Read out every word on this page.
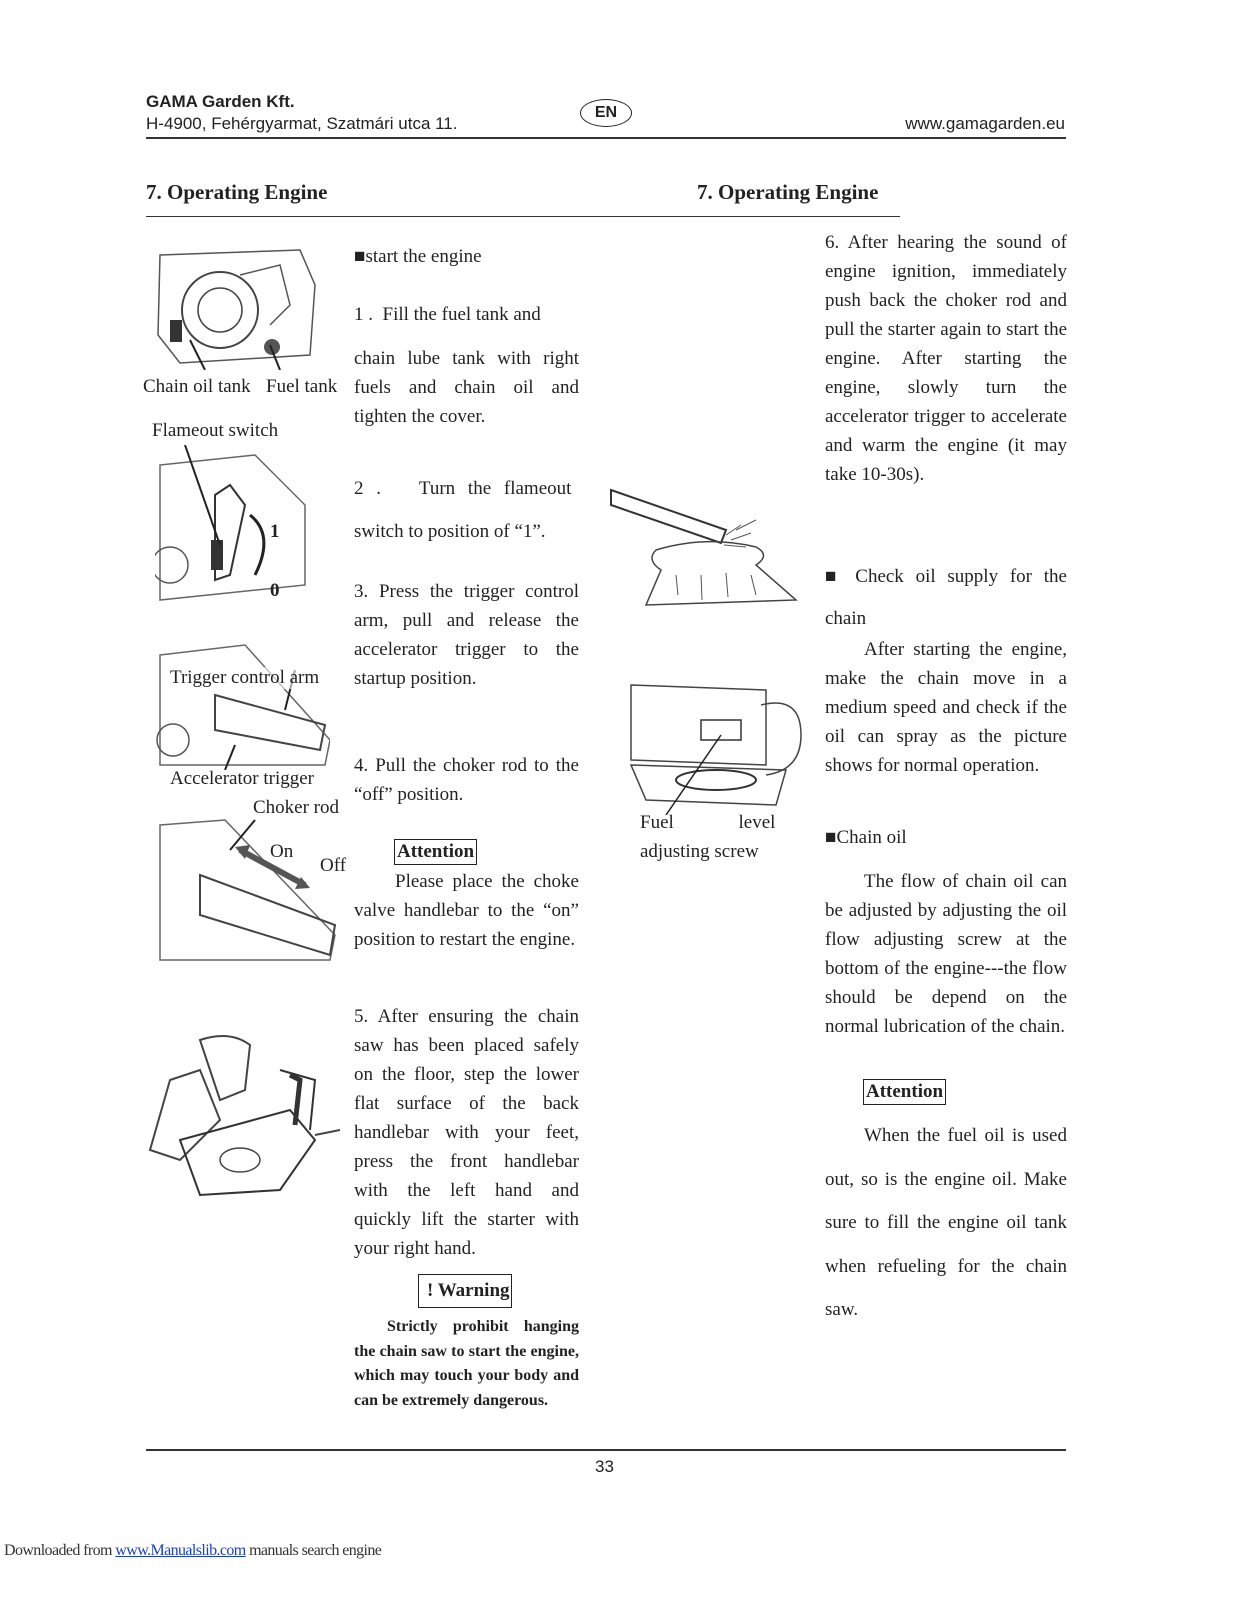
GAMA Garden Kft.
H-4900, Fehérgyarmat, Szatmári utca 11.
EN
www.gamagarden.eu
7. Operating Engine	7. Operating Engine
Chain oil tank Fuel tank
Flameout switch
1
0
Trigger control arm
Accelerator trigger
Choker rod
On
Off
■start the engine
1 .  Fill the fuel tank and

chain lube tank with right fuels and chain oil and tighten the cover.

2 .   Turn the flameout
switch to position of “1”.

3. Press the trigger control arm, pull and release the accelerator trigger to the startup position.

4. Pull the choker rod to the “off” position.

Attention

Please place the choke valve handlebar to the “on” position to restart the engine.

5. After ensuring the chain saw has been placed safely on the floor, step the lower flat surface of the back handlebar with your feet, press the front handlebar with the left hand and quickly lift the starter with your right hand.

! Warning

Strictly prohibit hanging the chain saw to start the engine, which may touch your body and can be extremely dangerous.

Fuel level
adjusting screw

6. After hearing the sound of engine ignition, immediately push back the choker rod and pull the starter again to start the engine. After starting the engine, slowly turn the accelerator trigger to accelerate and warm the engine (it may take 10-30s).

■ Check oil supply for the
chain

After starting the engine, make the chain move in a medium speed and check if the oil can spray as the picture shows for normal operation.

■Chain oil

The flow of chain oil can be adjusted by adjusting the oil flow adjusting screw at the bottom of the engine---the flow should be depend on the normal lubrication of the chain.

Attention

When the fuel oil is used out, so is the engine oil. Make sure to fill the engine oil tank when refueling for the chain saw.

33
Downloaded from www.Manualslib.com manuals search engine
